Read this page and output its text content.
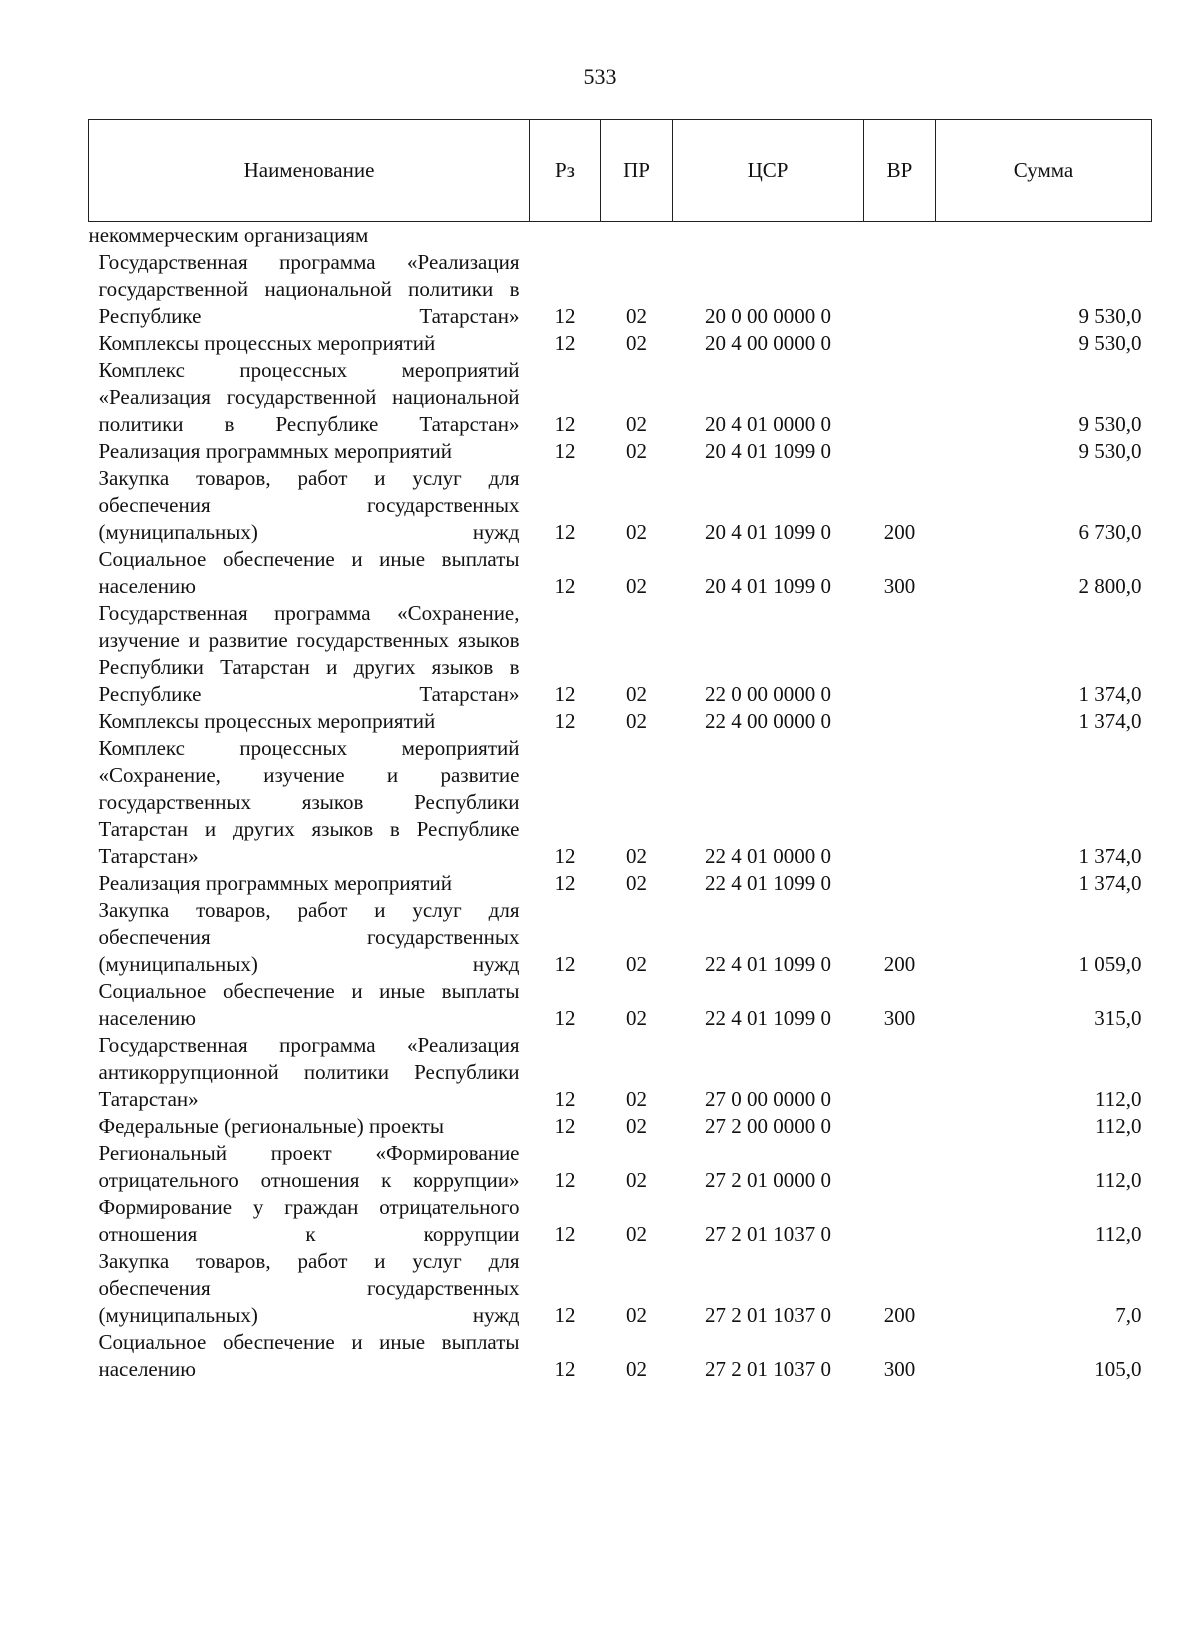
533
Наименование	Рз	ПР	ЦСР	ВР	Сумма
некоммерческим организациям					
Государственная программа «Реализация государственной национальной политики в Республике Татарстан»	12	02	20 0 00 0000 0		9 530,0
Комплексы процессных мероприятий	12	02	20 4 00 0000 0		9 530,0
Комплекс процессных мероприятий «Реализация государственной национальной политики в Республике Татарстан»	12	02	20 4 01 0000 0		9 530,0
Реализация программных мероприятий	12	02	20 4 01 1099 0		9 530,0
Закупка товаров, работ и услуг для обеспечения государственных (муниципальных) нужд	12	02	20 4 01 1099 0	200	6 730,0
Социальное обеспечение и иные выплаты населению	12	02	20 4 01 1099 0	300	2 800,0
Государственная программа «Сохранение, изучение и развитие государственных языков Республики Татарстан и других языков в Республике Татарстан»	12	02	22 0 00 0000 0		1 374,0
Комплексы процессных мероприятий	12	02	22 4 00 0000 0		1 374,0
Комплекс процессных мероприятий «Сохранение, изучение и развитие государственных языков Республики Татарстан и других языков в Республике Татарстан»	12	02	22 4 01 0000 0		1 374,0
Реализация программных мероприятий	12	02	22 4 01 1099 0		1 374,0
Закупка товаров, работ и услуг для обеспечения государственных (муниципальных) нужд	12	02	22 4 01 1099 0	200	1 059,0
Социальное обеспечение и иные выплаты населению	12	02	22 4 01 1099 0	300	315,0
Государственная программа «Реализация антикоррупционной политики Республики Татарстан»	12	02	27 0 00 0000 0		112,0
Федеральные (региональные) проекты	12	02	27 2 00 0000 0		112,0
Региональный проект «Формирование отрицательного отношения к коррупции»	12	02	27 2 01 0000 0		112,0
Формирование у граждан отрицательного отношения к коррупции	12	02	27 2 01 1037 0		112,0
Закупка товаров, работ и услуг для обеспечения государственных (муниципальных) нужд	12	02	27 2 01 1037 0	200	7,0
Социальное обеспечение и иные выплаты населению	12	02	27 2 01 1037 0	300	105,0
